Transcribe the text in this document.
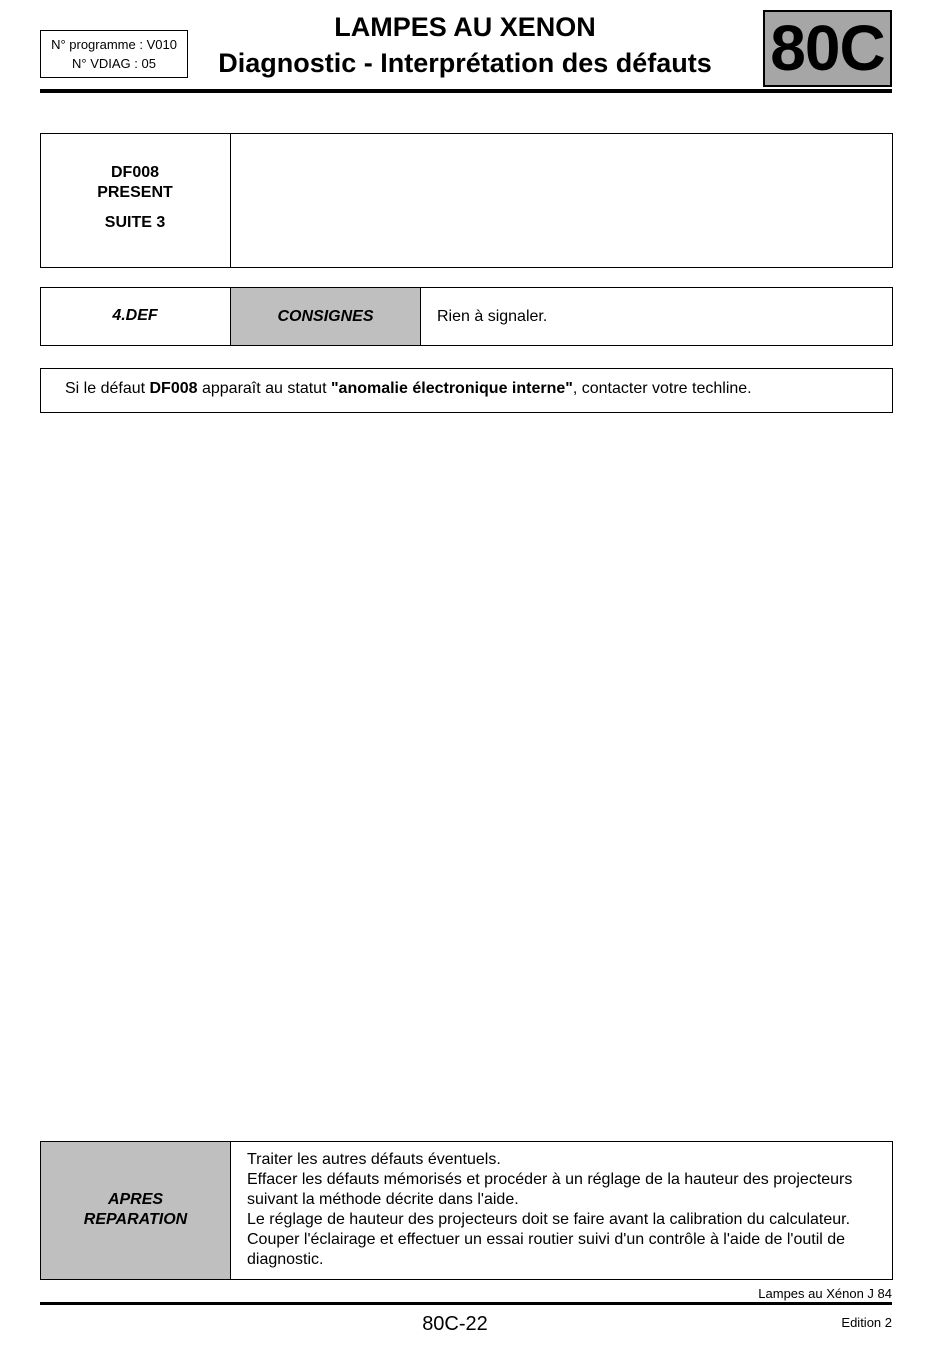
N° programme : V010
N° VDIAG : 05
LAMPES AU XENON
Diagnostic - Interprétation des défauts 80C
DF008
PRESENT
SUITE 3
4.DEF	CONSIGNES	Rien à signaler.
Si le défaut DF008 apparaît au statut "anomalie électronique interne", contacter votre techline.
APRES
REPARATION
Traiter les autres défauts éventuels.
Effacer les défauts mémorisés et procéder à un réglage de la hauteur des projecteurs suivant la méthode décrite dans l'aide.
Le réglage de hauteur des projecteurs doit se faire avant la calibration du calculateur.
Couper l'éclairage et effectuer un essai routier suivi d'un contrôle à l'aide de l'outil de diagnostic.
Lampes au Xénon J 84
80C-22	Edition 2
